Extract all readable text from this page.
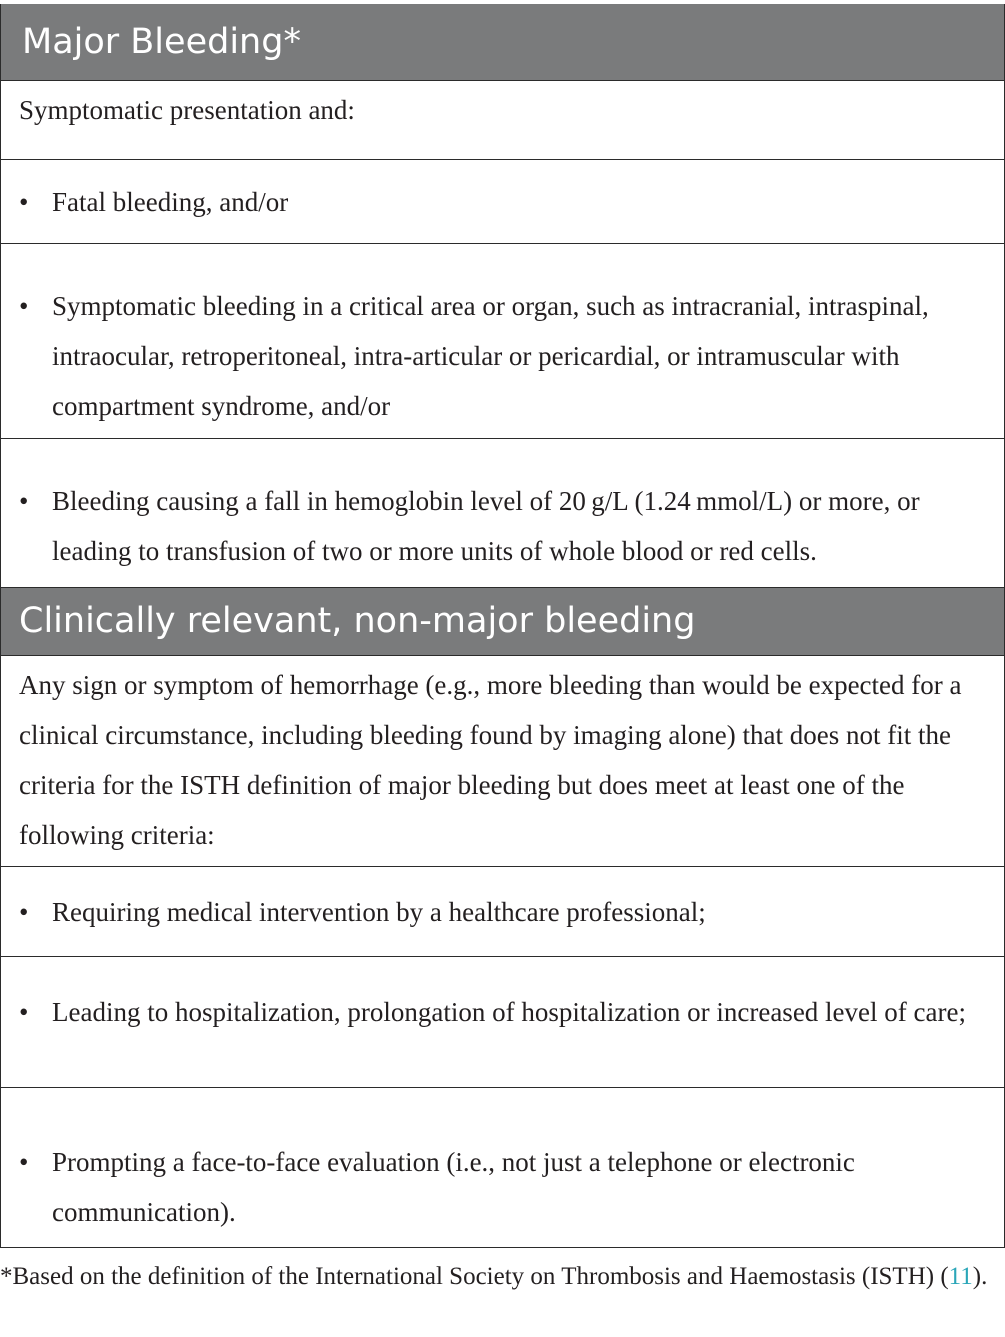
Major Bleeding*
Symptomatic presentation and:
• Fatal bleeding, and/or
• Symptomatic bleeding in a critical area or organ, such as intracranial, intraspinal, intraocular, retroperitoneal, intra-articular or pericardial, or intramuscular with compartment syndrome, and/or
• Bleeding causing a fall in hemoglobin level of 20 g/L (1.24 mmol/L) or more, or leading to transfusion of two or more units of whole blood or red cells.
Clinically relevant, non-major bleeding
Any sign or symptom of hemorrhage (e.g., more bleeding than would be expected for a clinical circumstance, including bleeding found by imaging alone) that does not fit the criteria for the ISTH definition of major bleeding but does meet at least one of the following criteria:
• Requiring medical intervention by a healthcare professional;
• Leading to hospitalization, prolongation of hospitalization or increased level of care;
• Prompting a face-to-face evaluation (i.e., not just a telephone or electronic communication).
*Based on the definition of the International Society on Thrombosis and Haemostasis (ISTH) (11).
